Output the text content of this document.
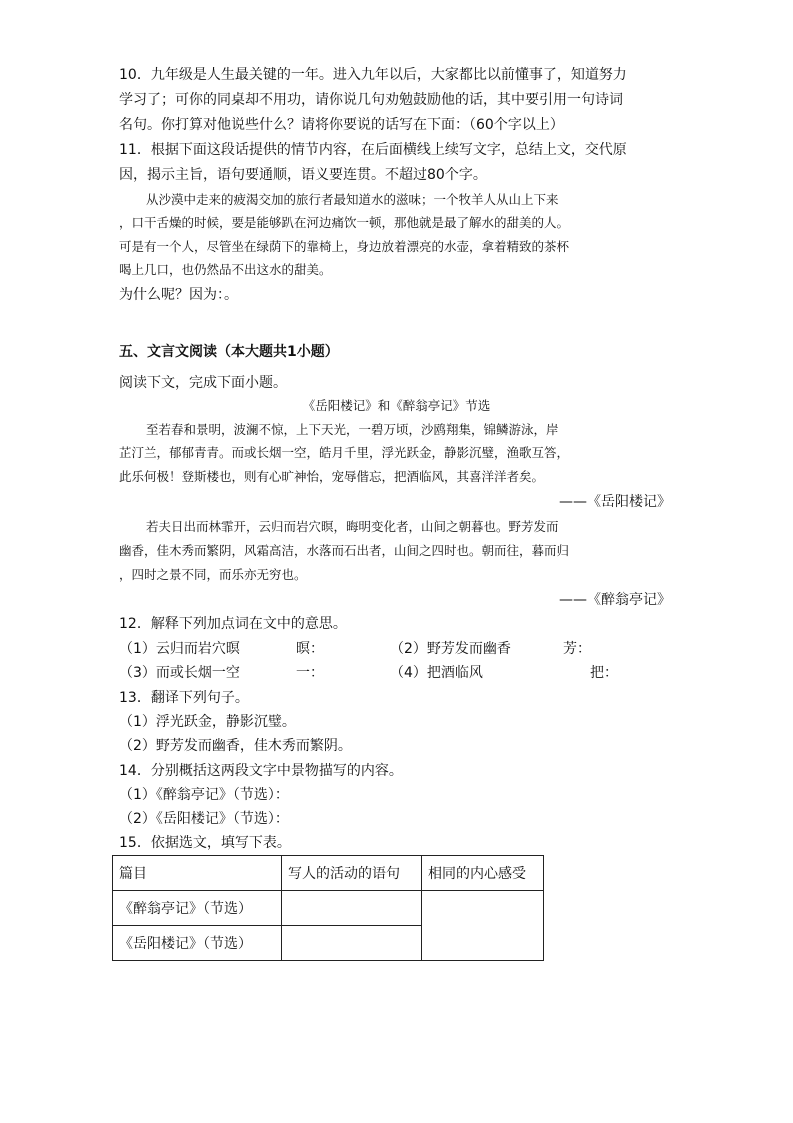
10．九年级是人生最关键的一年。进入九年以后，大家都比以前懂事了，知道努力
学习了；可你的同桌却不用功，请你说几句劝勉鼓励他的话，其中要引用一句诗词
名句。你打算对他说些什么？请将你要说的话写在下面：（60个字以上）
11．根据下面这段话提供的情节内容，在后面横线上续写文字，总结上文，交代原
因，揭示主旨，语句要通顺，语义要连贯。不超过80个字。
从沙漠中走来的疲渴交加的旅行者最知道水的滋味；一个牧羊人从山上下来
，口干舌燥的时候，要是能够趴在河边痛饮一顿，那他就是最了解水的甜美的人。
可是有一个人，尽管坐在绿荫下的靠椅上，身边放着漂亮的水壶，拿着精致的茶杯
喝上几口，也仍然品不出这水的甜美。
为什么呢？因为：。
五、文言文阅读（本大题共1小题）
阅读下文，完成下面小题。
《岳阳楼记》和《醉翁亭记》节选
至若春和景明，波澜不惊，上下天光，一碧万顷，沙鸥翔集，锦鳞游泳，岸
芷汀兰，郁郁青青。而或长烟一空，皓月千里，浮光跃金，静影沉璧，渔歌互答，
此乐何极！登斯楼也，则有心旷神怡，宠辱偕忘，把酒临风，其喜洋洋者矣。
——《岳阳楼记》
若夫日出而林霏开，云归而岩穴暝，晦明变化者，山间之朝暮也。野芳发而
幽香，佳木秀而繁阴，风霜高洁，水落而石出者，山间之四时也。朝而往，暮而归
，四时之景不同，而乐亦无穷也。
——《醉翁亭记》
12．解释下列加点词在文中的意思。
（1）云归而岩穴暝	暝：	（2）野芳发而幽香	芳：
（3）而或长烟一空	一：	（4）把酒临风	把：
13．翻译下列句子。
（1）浮光跃金，静影沉璧。
（2）野芳发而幽香，佳木秀而繁阴。
14．分别概括这两段文字中景物描写的内容。
（1）《醉翁亭记》（节选）：
（2）《岳阳楼记》（节选）：
15．依据选文，填写下表。
篇目	写人的活动的语句	相同的内心感受
《醉翁亭记》（节选）		
《岳阳楼记》（节选）		
